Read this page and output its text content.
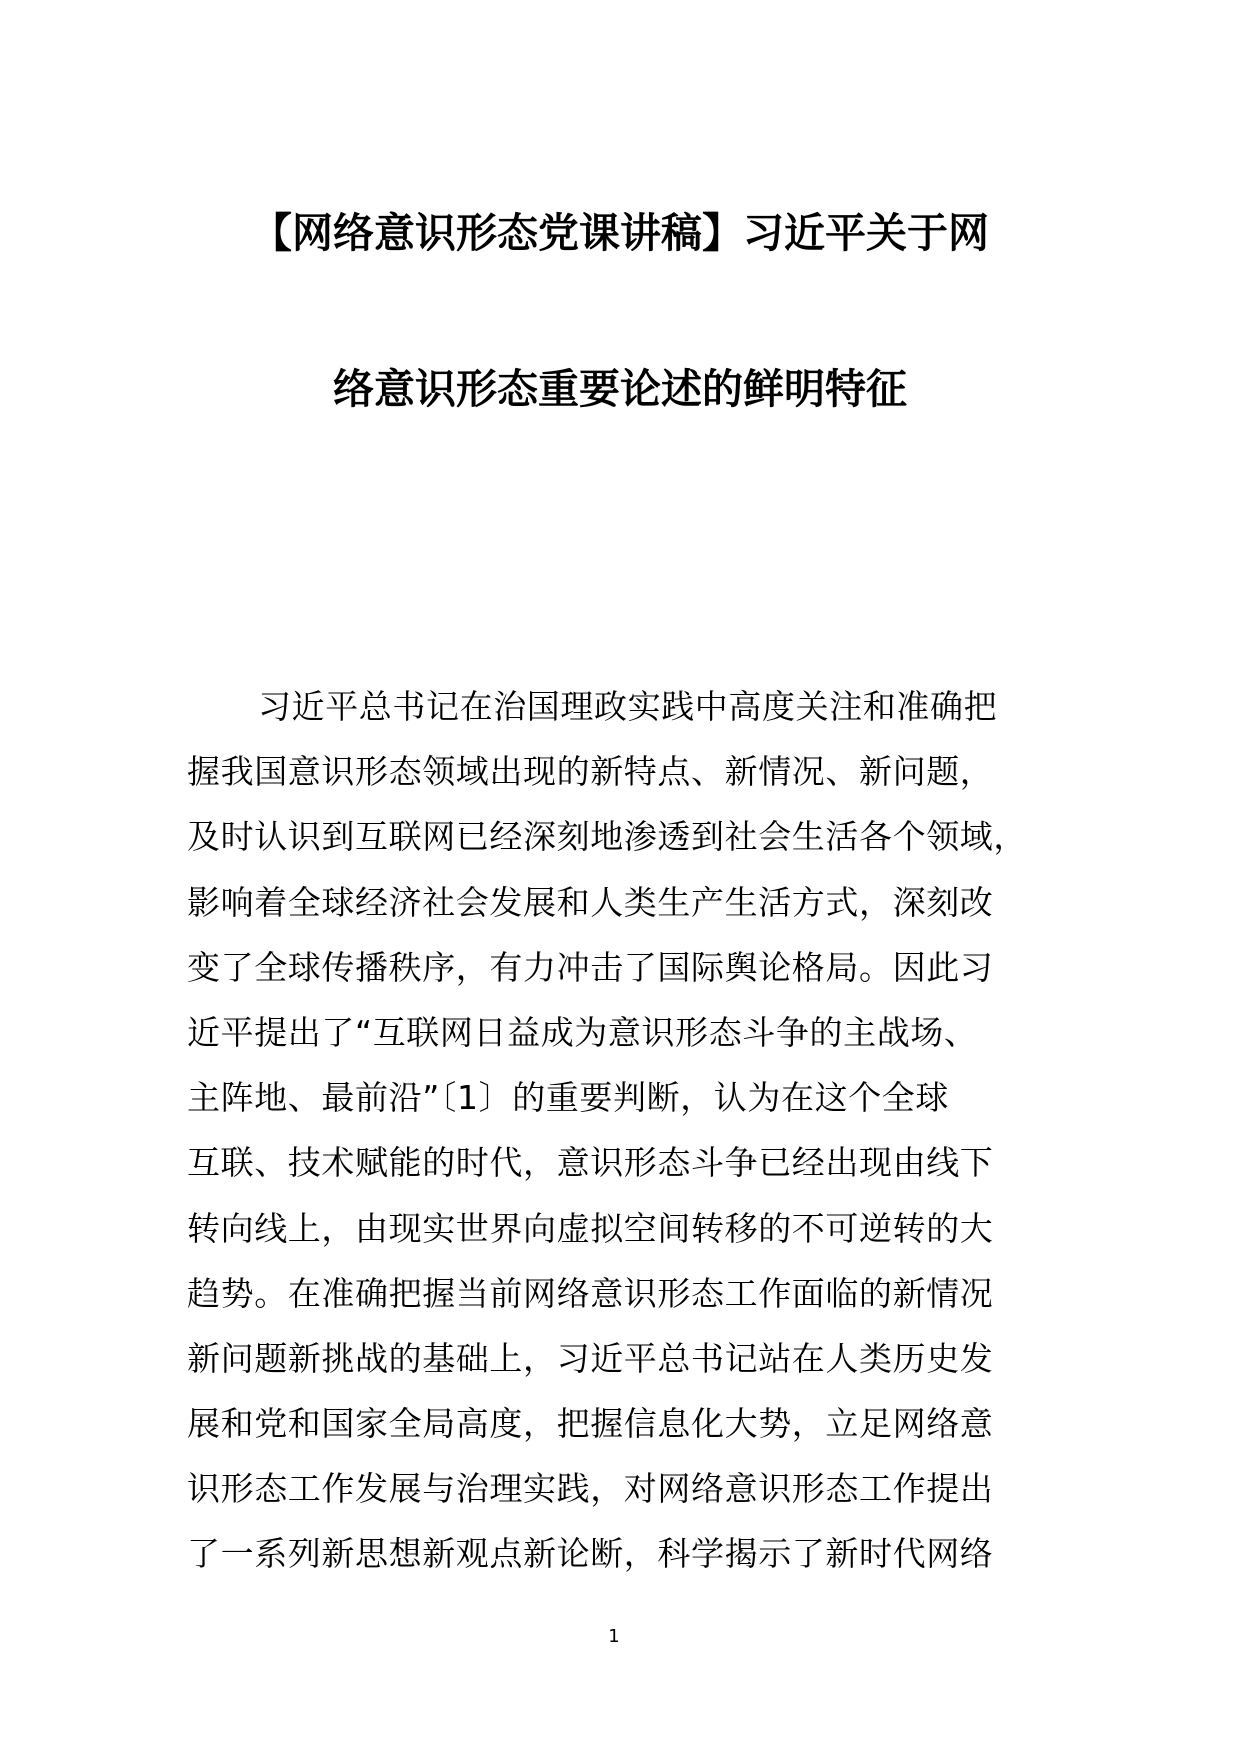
【网络意识形态党课讲稿】习近平关于网
络意识形态重要论述的鲜明特征
习近平总书记在治国理政实践中高度关注和准确把
握我国意识形态领域出现的新特点、新情况、新问题，
及时认识到互联网已经深刻地渗透到社会生活各个领域，
影响着全球经济社会发展和人类生产生活方式，深刻改
变了全球传播秩序，有力冲击了国际舆论格局。因此习
近平提出了“互联网日益成为意识形态斗争的主战场、
主阵地、最前沿”〔1〕的重要判断，认为在这个全球
互联、技术赋能的时代，意识形态斗争已经出现由线下
转向线上，由现实世界向虚拟空间转移的不可逆转的大
趋势。在准确把握当前网络意识形态工作面临的新情况
新问题新挑战的基础上，习近平总书记站在人类历史发
展和党和国家全局高度，把握信息化大势，立足网络意
识形态工作发展与治理实践，对网络意识形态工作提出
了一系列新思想新观点新论断，科学揭示了新时代网络
1
